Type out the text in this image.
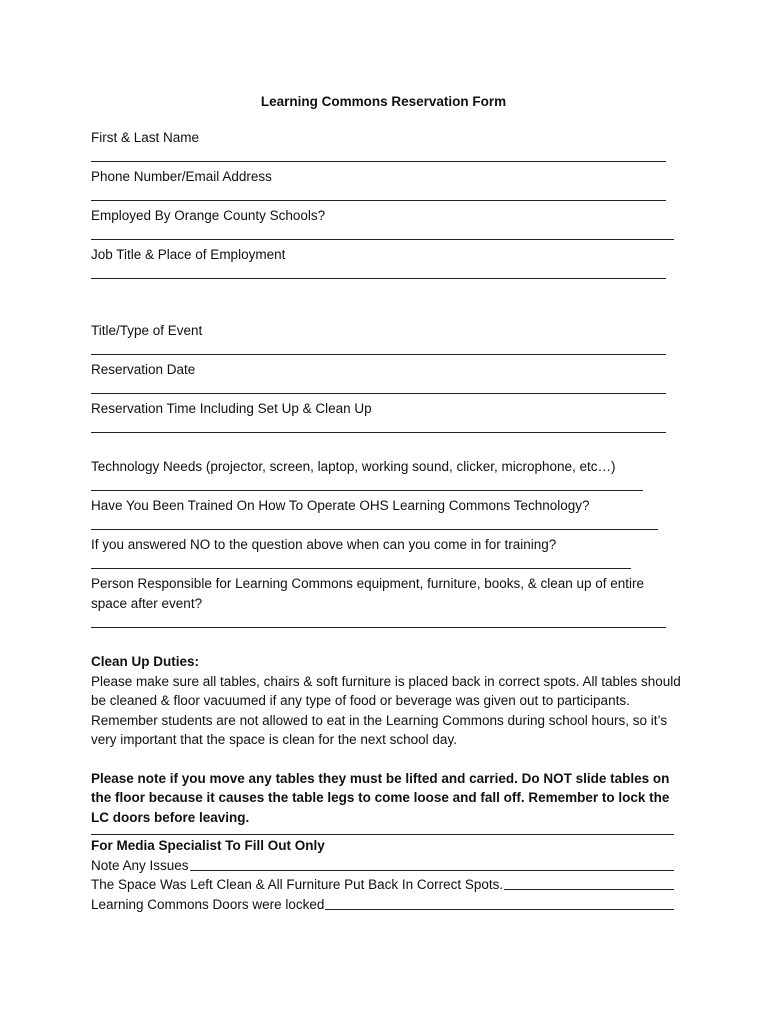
Learning Commons Reservation Form
First & Last Name
Phone Number/Email Address
Employed By Orange County Schools?
Job Title & Place of Employment
Title/Type of Event
Reservation Date
Reservation Time Including Set Up & Clean Up
Technology Needs (projector, screen, laptop, working sound, clicker, microphone, etc…)
Have You Been Trained On How To Operate OHS Learning Commons Technology?
If you answered NO to the question above when can you come in for training?
Person Responsible for Learning Commons equipment, furniture, books, & clean up of entire space after event?
Clean Up Duties:
Please make sure all tables, chairs & soft furniture is placed back in correct spots. All tables should be cleaned & floor vacuumed if any type of food or beverage was given out to participants. Remember students are not allowed to eat in the Learning Commons during school hours, so it’s very important that the space is clean for the next school day.
Please note if you move any tables they must be lifted and carried. Do NOT slide tables on the floor because it causes the table legs to come loose and fall off. Remember to lock the LC doors before leaving.
For Media Specialist To Fill Out Only
Note Any Issues
The Space Was Left Clean & All Furniture Put Back In Correct Spots.
Learning Commons Doors were locked
